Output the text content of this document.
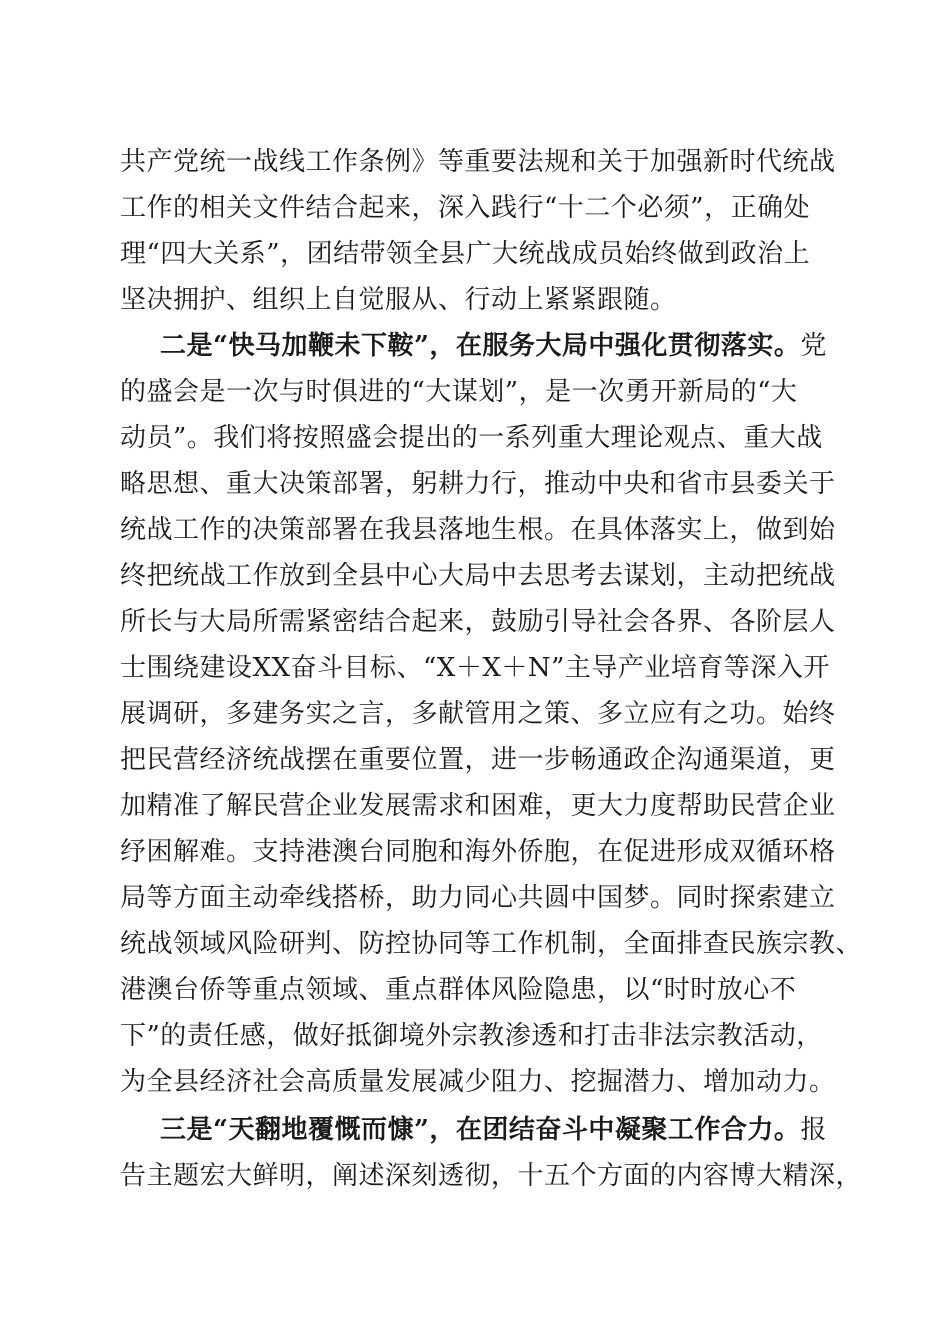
共产党统一战线工作条例》等重要法规和关于加强新时代统战
工作的相关文件结合起来，深入践行“十二个必须”，正确处
理“四大关系”，团结带领全县广大统战成员始终做到政治上
坚决拥护、组织上自觉服从、行动上紧紧跟随。
二是“快马加鞭未下鞍”，在服务大局中强化贯彻落实。党
的盛会是一次与时俱进的“大谋划”，是一次勇开新局的“大
动员”。我们将按照盛会提出的一系列重大理论观点、重大战
略思想、重大决策部署，躬耕力行，推动中央和省市县委关于
统战工作的决策部署在我县落地生根。在具体落实上，做到始
终把统战工作放到全县中心大局中去思考去谋划，主动把统战
所长与大局所需紧密结合起来，鼓励引导社会各界、各阶层人
士围绕建设XX奋斗目标、“X＋X＋N”主导产业培育等深入开
展调研，多建务实之言，多献管用之策、多立应有之功。始终
把民营经济统战摆在重要位置，进一步畅通政企沟通渠道，更
加精准了解民营企业发展需求和困难，更大力度帮助民营企业
纾困解难。支持港澳台同胞和海外侨胞，在促进形成双循环格
局等方面主动牵线搭桥，助力同心共圆中国梦。同时探索建立
统战领域风险研判、防控协同等工作机制，全面排查民族宗教、
港澳台侨等重点领域、重点群体风险隐患，以“时时放心不
下”的责任感，做好抵御境外宗教渗透和打击非法宗教活动，
为全县经济社会高质量发展减少阻力、挖掘潜力、增加动力。
三是“天翻地覆慨而慷”，在团结奋斗中凝聚工作合力。报
告主题宏大鲜明，阐述深刻透彻，十五个方面的内容博大精深，
